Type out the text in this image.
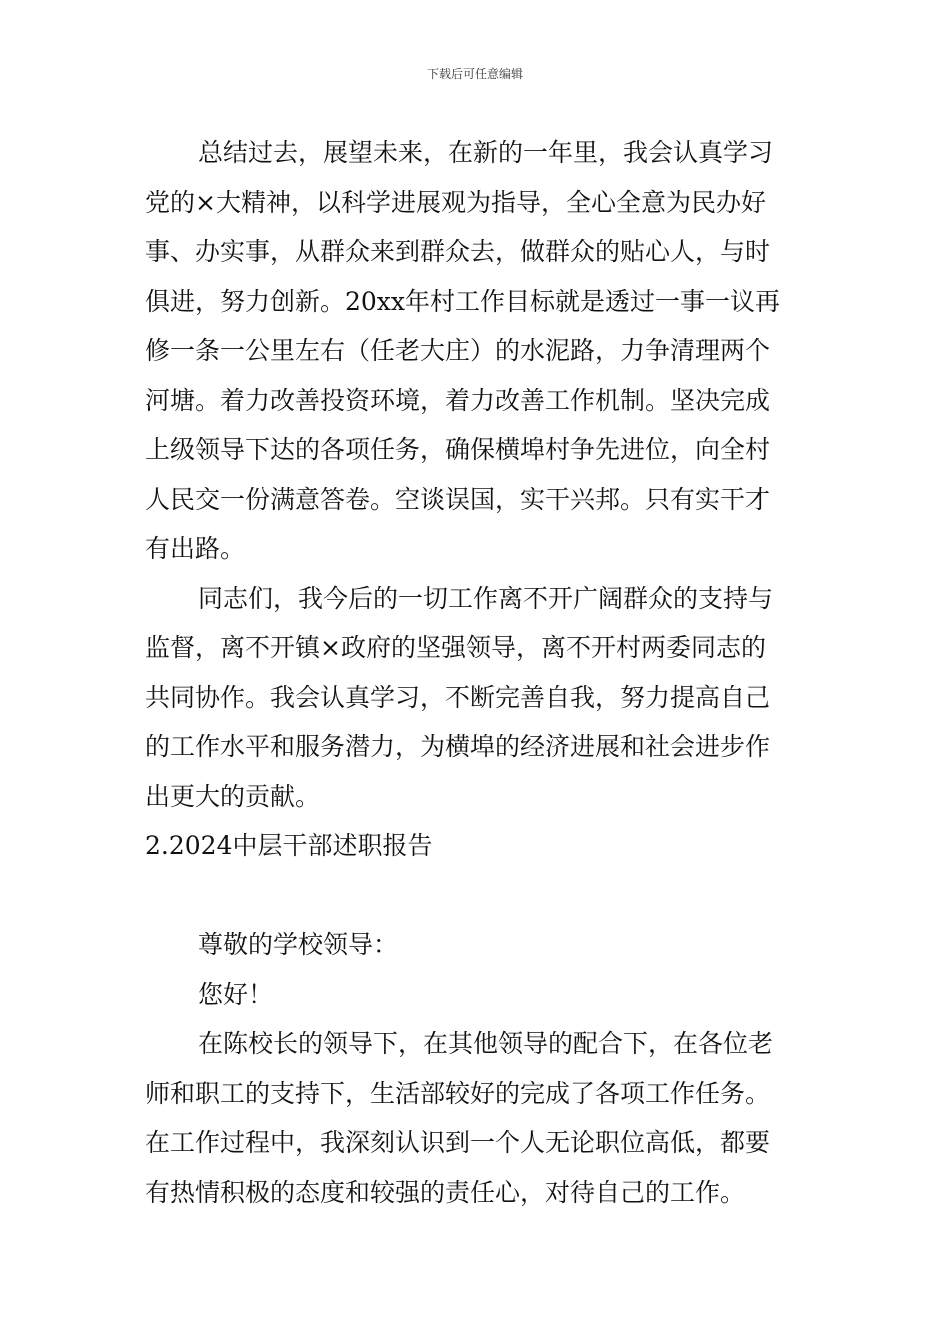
下载后可任意编辑
总结过去，展望未来，在新的一年里，我会认真学习
党的×大精神，以科学进展观为指导，全心全意为民办好
事、办实事，从群众来到群众去，做群众的贴心人，与时
俱进，努力创新。20xx年村工作目标就是透过一事一议再
修一条一公里左右（任老大庄）的水泥路，力争清理两个
河塘。着力改善投资环境，着力改善工作机制。坚决完成
上级领导下达的各项任务，确保横埠村争先进位，向全村
人民交一份满意答卷。空谈误国，实干兴邦。只有实干才
有出路。
同志们，我今后的一切工作离不开广阔群众的支持与
监督，离不开镇×政府的坚强领导，离不开村两委同志的
共同协作。我会认真学习，不断完善自我，努力提高自己
的工作水平和服务潜力，为横埠的经济进展和社会进步作
出更大的贡献。
2.2024中层干部述职报告
尊敬的学校领导：
您好！
在陈校长的领导下，在其他领导的配合下，在各位老
师和职工的支持下，生活部较好的完成了各项工作任务。
在工作过程中，我深刻认识到一个人无论职位高低，都要
有热情积极的态度和较强的责任心，对待自己的工作。
